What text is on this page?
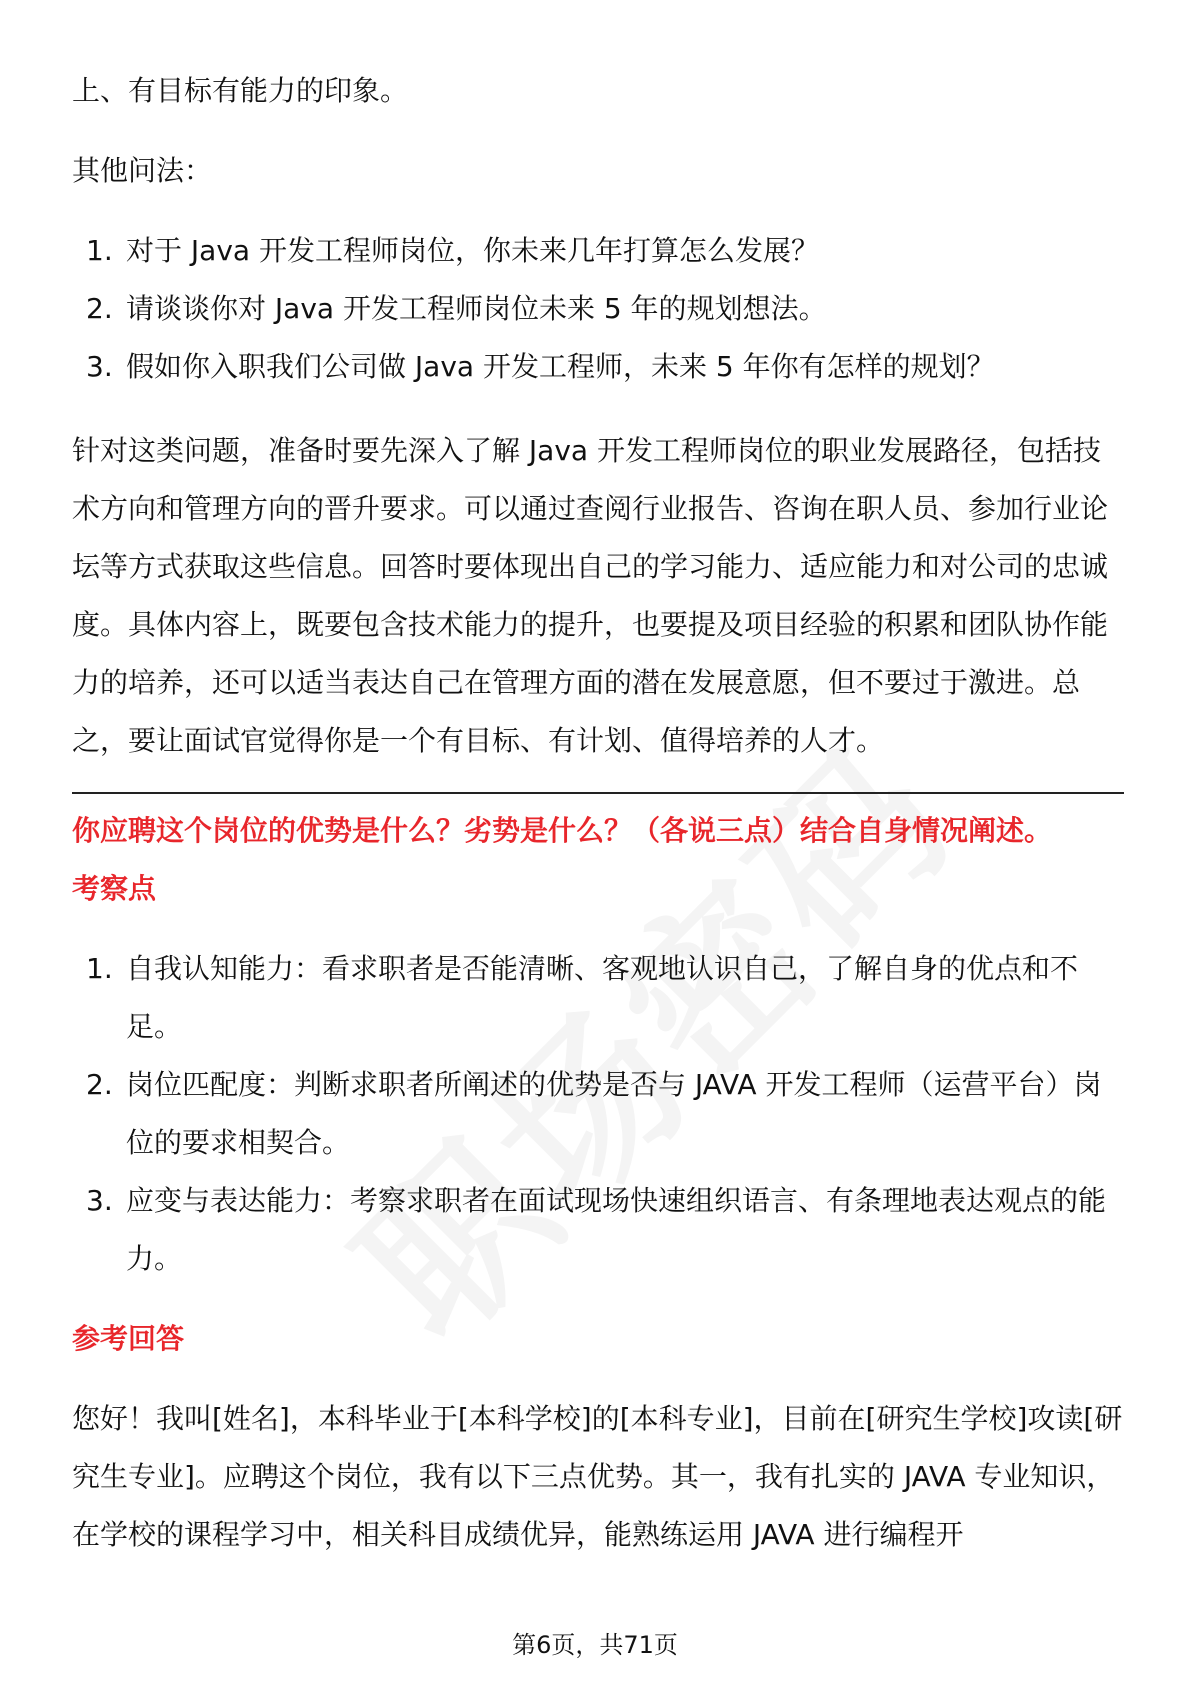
上、有目标有能力的印象。

其他问法：

1. 对于 Java 开发工程师岗位，你未来几年打算怎么发展？
2. 请谈谈你对 Java 开发工程师岗位未来 5 年的规划想法。
3. 假如你入职我们公司做 Java 开发工程师，未来 5 年你有怎样的规划？

针对这类问题，准备时要先深入了解 Java 开发工程师岗位的职业发展路径，包括技术方向和管理方向的晋升要求。可以通过查阅行业报告、咨询在职人员、参加行业论坛等方式获取这些信息。回答时要体现出自己的学习能力、适应能力和对公司的忠诚度。具体内容上，既要包含技术能力的提升，也要提及项目经验的积累和团队协作能力的培养，还可以适当表达自己在管理方面的潜在发展意愿，但不要过于激进。总之，要让面试官觉得你是一个有目标、有计划、值得培养的人才。

你应聘这个岗位的优势是什么？劣势是什么？（各说三点）结合自身情况阐述。

考察点

1. 自我认知能力：看求职者是否能清晰、客观地认识自己，了解自身的优点和不足。
2. 岗位匹配度：判断求职者所阐述的优势是否与 JAVA 开发工程师（运营平台）岗位的要求相契合。
3. 应变与表达能力：考察求职者在面试现场快速组织语言、有条理地表达观点的能力。

参考回答

您好！我叫[姓名]，本科毕业于[本科学校]的[本科专业]，目前在[研究生学校]攻读[研究生专业]。应聘这个岗位，我有以下三点优势。其一，我有扎实的 JAVA 专业知识，在学校的课程学习中，相关科目成绩优异，能熟练运用 JAVA 进行编程开

第6页，共71页
